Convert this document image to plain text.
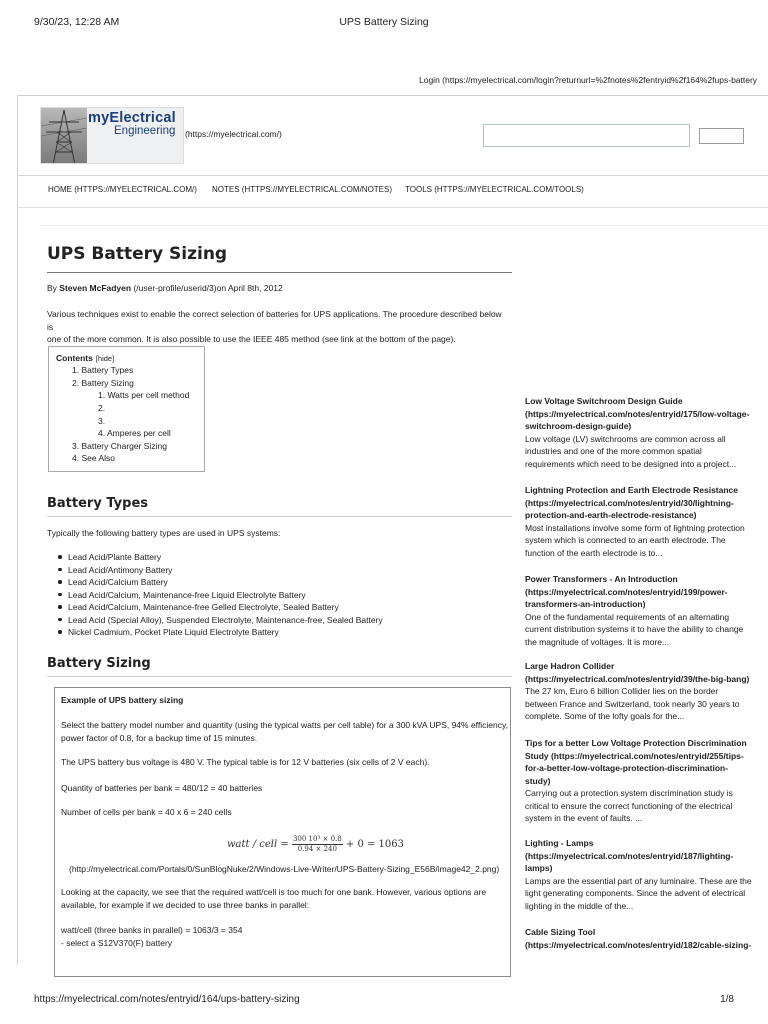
9/30/23, 12:28 AM	UPS Battery Sizing
Login (https://myelectrical.com/login?returnurl=%2fnotes%2fentryid%2f164%2fups-battery
myElectrical
Engineering (https://myelectrical.com/)
HOME (HTTPS://MYELECTRICAL.COM/) NOTES (HTTPS://MYELECTRICAL.COM/NOTES) TOOLS (HTTPS://MYELECTRICAL.COM/TOOLS)
UPS Battery Sizing
By Steven McFadyen (/user-profile/userid/3)on April 8th, 2012
Various techniques exist to enable the correct selection of batteries for UPS applications. The procedure described below is
one of the more common. It is also possible to use the IEEE 485 method (see link at the bottom of the page).
Contents [hide]
1. Battery Types
2. Battery Sizing
1. Watts per cell method
2.
3.
4. Amperes per cell
3. Battery Charger Sizing
4. See Also
Battery Types
Typically the following battery types are used in UPS systems:
Lead Acid/Plante Battery
Lead Acid/Antimony Battery
Lead Acid/Calcium Battery
Lead Acid/Calcium, Maintenance-free Liquid Electrolyte Battery
Lead Acid/Calcium, Maintenance-free Gelled Electrolyte, Sealed Battery
Lead Acid (Special Alloy), Suspended Electrolyte, Maintenance-free, Sealed Battery
Nickel Cadmium, Pocket Plate Liquid Electrolyte Battery
Battery Sizing
Example of UPS battery sizing
Select the battery model number and quantity (using the typical watts per cell table) for a 300 kVA UPS, 94% efficiency,
power factor of 0.8, for a backup time of 15 minutes.
The UPS battery bus voltage is 480 V. The typical table is for 12 V batteries (six cells of 2 V each).
Quantity of batteries per bank = 480/12 = 40 batteries
Number of cells per bank = 40 x 6 = 240 cells
watt / cell = $\frac{\text{300 10³ × 0.8}}{0.94 \times 240} + 0 = 1063$
(http://myelectrical.com/Portals/0/SunBlogNuke/2/Windows-Live-Writer/UPS-Battery-Sizing_E56B/image42_2.png)
Looking at the capacity, we see that the required watt/cell is too much for one bank. However, various options are
available, for example if we decided to use three banks in parallel:
watt/cell (three banks in parallel) = 1063/3 = 354
- select a S12V370(F) battery
Low Voltage Switchroom Design Guide
(https://myelectrical.com/notes/entryid/175/low-voltage-
switchroom-design-guide)
Low voltage (LV) switchrooms are common across all
industries and one of the more common spatial
requirements which need to be designed into a project...
Lightning Protection and Earth Electrode Resistance
(https://myelectrical.com/notes/entryid/30/lightning-
protection-and-earth-electrode-resistance)
Most installations involve some form of lightning protection
system which is connected to an earth electrode. The
function of the earth electrode is to...
Power Transformers - An Introduction
(https://myelectrical.com/notes/entryid/199/power-
transformers-an-introduction)
One of the fundamental requirements of an alternating
current distribution systems it to have the ability to change
the magnitude of voltages. It is more...
Large Hadron Collider
(https://myelectrical.com/notes/entryid/39/the-big-bang)
The 27 km, Euro 6 billion Collider lies on the border
between France and Switzerland, took nearly 30 years to
complete. Some of the lofty goals for the...
Tips for a better Low Voltage Protection Discrimination
Study (https://myelectrical.com/notes/entryid/255/tips-
for-a-better-low-voltage-protection-discrimination-
study)
Carrying out a protection system discrimination study is
critical to ensure the correct functioning of the electrical
system in the event of faults. ...
Lighting - Lamps
(https://myelectrical.com/notes/entryid/187/lighting-
lamps)
Lamps are the essential part of any luminaire. These are the
light generating components. Since the advent of electrical
lighting in the middle of the...
Cable Sizing Tool
(https://myelectrical.com/notes/entryid/182/cable-sizing-
https://myelectrical.com/notes/entryid/164/ups-battery-sizing	1/8
